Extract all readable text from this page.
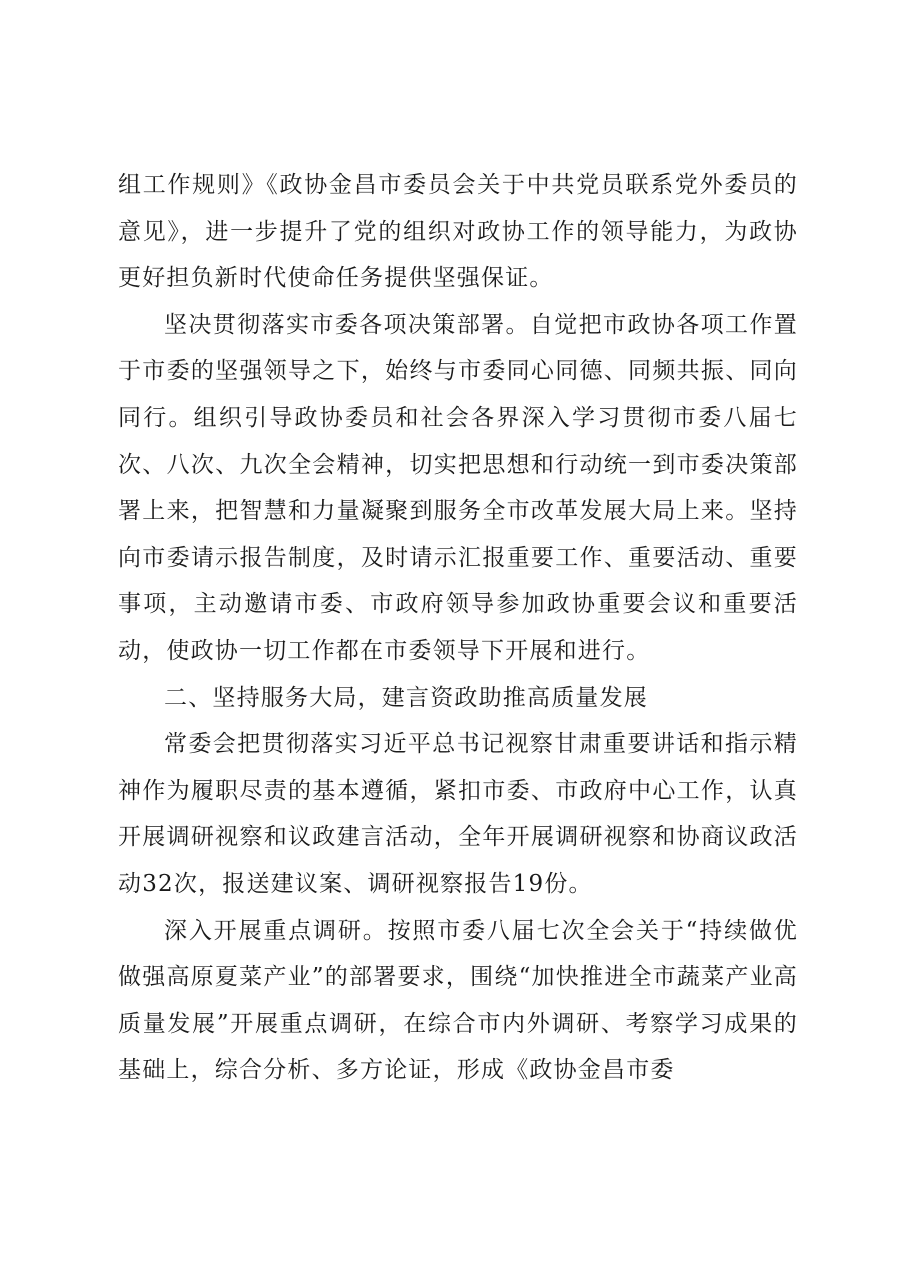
组工作规则》《政协金昌市委员会关于中共党员联系党外委员的意见》，进一步提升了党的组织对政协工作的领导能力，为政协更好担负新时代使命任务提供坚强保证。

坚决贯彻落实市委各项决策部署。自觉把市政协各项工作置于市委的坚强领导之下，始终与市委同心同德、同频共振、同向同行。组织引导政协委员和社会各界深入学习贯彻市委八届七次、八次、九次全会精神，切实把思想和行动统一到市委决策部署上来，把智慧和力量凝聚到服务全市改革发展大局上来。坚持向市委请示报告制度，及时请示汇报重要工作、重要活动、重要事项，主动邀请市委、市政府领导参加政协重要会议和重要活动，使政协一切工作都在市委领导下开展和进行。

二、坚持服务大局，建言资政助推高质量发展

常委会把贯彻落实习近平总书记视察甘肃重要讲话和指示精神作为履职尽责的基本遵循，紧扣市委、市政府中心工作，认真开展调研视察和议政建言活动，全年开展调研视察和协商议政活动32次，报送建议案、调研视察报告19份。

深入开展重点调研。按照市委八届七次全会关于“持续做优做强高原夏菜产业”的部署要求，围绕“加快推进全市蔬菜产业高质量发展”开展重点调研，在综合市内外调研、考察学习成果的基础上，综合分析、多方论证，形成《政协金昌市委
